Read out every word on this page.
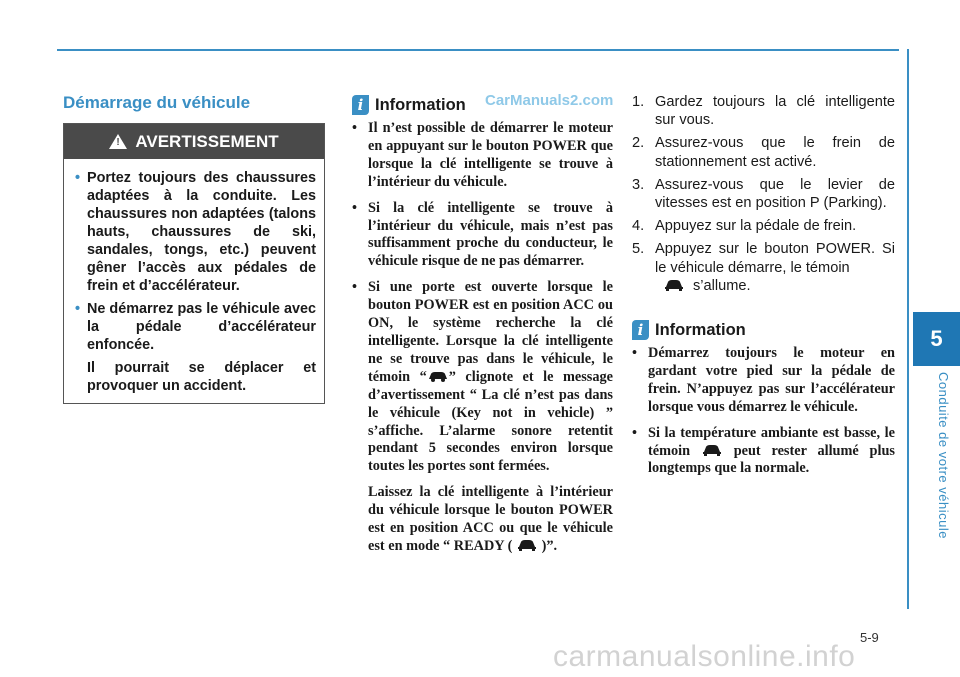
5
Conduite de votre véhicule
5-9
Démarrage du véhicule
! AVERTISSEMENT
• Portez toujours des chaussures adaptées à la conduite. Les chaussures non adaptées (talons hauts, chaussures de ski, sandales, tongs, etc.) peuvent gêner l’accès aux pédales de frein et d’accélérateur.
• Ne démarrez pas le véhicule avec la pédale d’accélérateur enfoncée.
Il pourrait se déplacer et provoquer un accident.
i Information CarManuals2.com
• Il n’est possible de démarrer le moteur en appuyant sur le bouton POWER que lorsque la clé intelligente se trouve à l’intérieur du véhicule.
• Si la clé intelligente se trouve à l’intérieur du véhicule, mais n’est pas suffisamment proche du conducteur, le véhicule risque de ne pas démarrer.
• Si une porte est ouverte lorsque le bouton POWER est en position ACC ou ON, le système recherche la clé intelligente. Lorsque la clé intelligente ne se trouve pas dans le véhicule, le témoin “ ” clignote et le message d’avertissement “ La clé n’est pas dans le véhicule (Key not in vehicle) ” s’affiche. L’alarme sonore retentit pendant 5 secondes environ lorsque toutes les portes sont fermées.
Laissez la clé intelligente à l’intérieur du véhicule lorsque le bouton POWER est en position ACC ou que le véhicule est en mode “ READY ( )”.
1. Gardez toujours la clé intelligente sur vous.
2. Assurez-vous que le frein de stationnement est activé.
3. Assurez-vous que le levier de vitesses est en position P (Parking).
4. Appuyez sur la pédale de frein.
5. Appuyez sur le bouton POWER. Si le véhicule démarre, le témoin
s’allume.
i Information
• Démarrez toujours le moteur en gardant votre pied sur la pédale de frein. N’appuyez pas sur l’accélérateur lorsque vous démarrez le véhicule.
• Si la température ambiante est basse, le témoin	peut rester allumé plus longtemps que la normale.
carmanualsonline.info
